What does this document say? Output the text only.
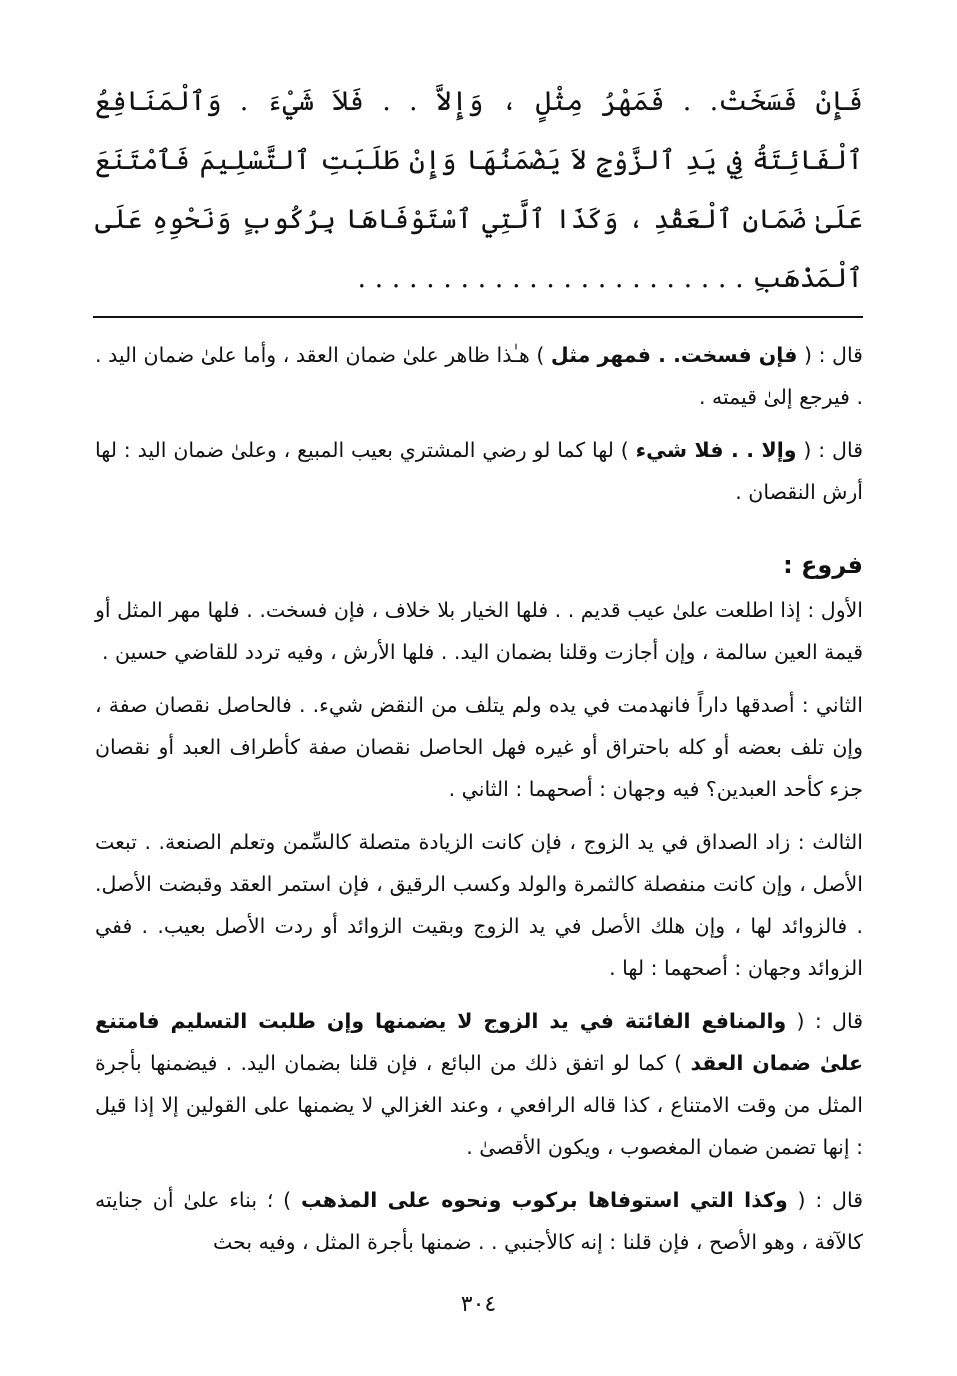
فَإِنْ فَسَخَتْ. . فَمَهْرُ مِثْلٍ ، وَإِلاَّ . . فَلاَ شَيْءَ . وَٱلْمَنَافِعُ ٱلْفَائِتَةُ فِي يَدِ ٱلزَّوْجِ لاَ يَضْمَنُهَا وَإِنْ طَلَبَتِ ٱلتَّسْلِيمَ فَٱمْتَنَعَ عَلَىٰ ضَمَانِ ٱلْعَقْدِ ، وَكَذَا ٱلَّتِي ٱسْتَوْفَاهَا بِرُكُوبٍ وَنَحْوِهِ عَلَى ٱلْمَذْهَبِ . . . . . . . . . . . . . . . . . . . . . . .

قال : ( فإن فسخت. . فمهر مثل ) هـٰذا ظاهر علىٰ ضمان العقد ، وأما علىٰ ضمان اليد . . فيرجع إلىٰ قيمته .

قال : ( وإلا . . فلا شيء ) لها كما لو رضي المشتري بعيب المبيع ، وعلىٰ ضمان اليد : لها أرش النقصان .

فروع :

الأول : إذا اطلعت علىٰ عيب قديم . . فلها الخيار بلا خلاف ، فإن فسخت. . فلها مهر المثل أو قيمة العين سالمة ، وإن أجازت وقلنا بضمان اليد. . فلها الأرش ، وفيه تردد للقاضي حسين .

الثاني : أصدقها داراً فانهدمت في يده ولم يتلف من النقض شيء. . فالحاصل نقصان صفة ، وإن تلف بعضه أو كله باحتراق أو غيره فهل الحاصل نقصان صفة كأطراف العبد أو نقصان جزء كأحد العبدين؟ فيه وجهان : أصحهما : الثاني .

الثالث : زاد الصداق في يد الزوج ، فإن كانت الزيادة متصلة كالسِّمن وتعلم الصنعة. . تبعت الأصل ، وإن كانت منفصلة كالثمرة والولد وكسب الرقيق ، فإن استمر العقد وقبضت الأصل. . فالزوائد لها ، وإن هلك الأصل في يد الزوج وبقيت الزوائد أو ردت الأصل بعيب. . ففي الزوائد وجهان : أصحهما : لها .

قال : ( والمنافع الفائتة في يد الزوج لا يضمنها وإن طلبت التسليم فامتنع علىٰ ضمان العقد ) كما لو اتفق ذلك من البائع ، فإن قلنا بضمان اليد. . فيضمنها بأجرة المثل من وقت الامتناع ، كذا قاله الرافعي ، وعند الغزالي لا يضمنها على القولين إلا إذا قيل : إنها تضمن ضمان المغصوب ، ويكون الأقصىٰ .

قال : ( وكذا التي استوفاها بركوب ونحوه على المذهب ) ؛ بناء علىٰ أن جنايته كالآفة ، وهو الأصح ، فإن قلنا : إنه كالأجنبي . . ضمنها بأجرة المثل ، وفيه بحث

٣٠٤
